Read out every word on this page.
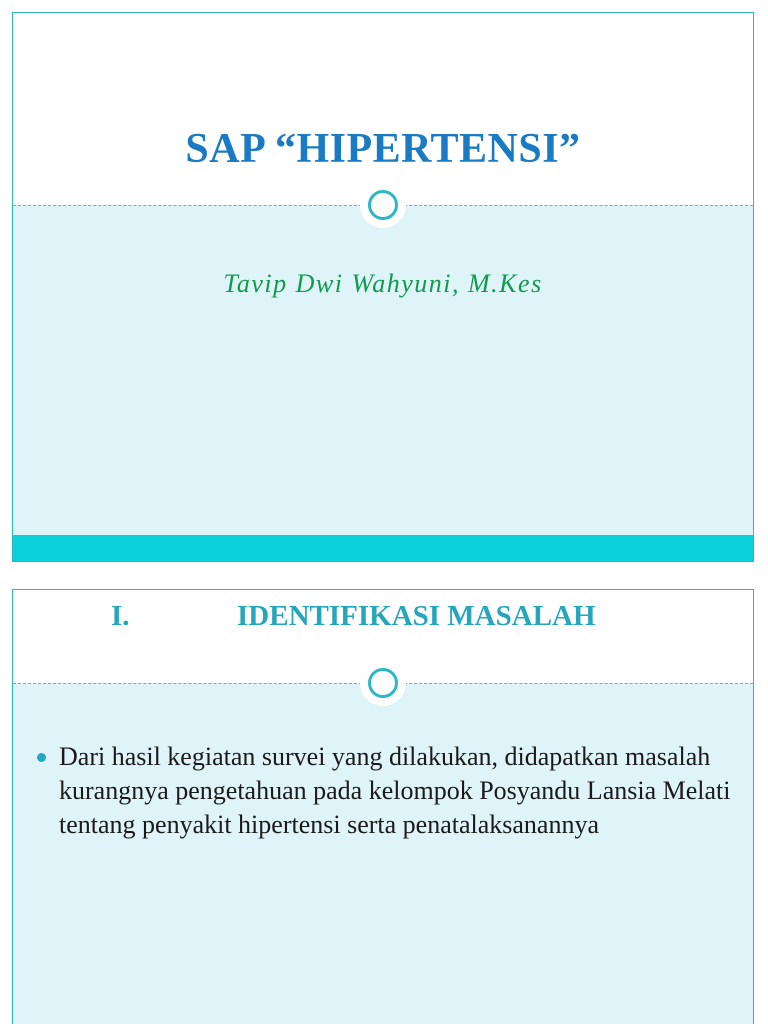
SAP “HIPERTENSI”
Tavip Dwi Wahyuni, M.Kes
I.	IDENTIFIKASI MASALAH
Dari hasil kegiatan survei yang dilakukan, didapatkan masalah kurangnya pengetahuan pada kelompok Posyandu Lansia Melati tentang penyakit hipertensi serta penatalaksanannya
